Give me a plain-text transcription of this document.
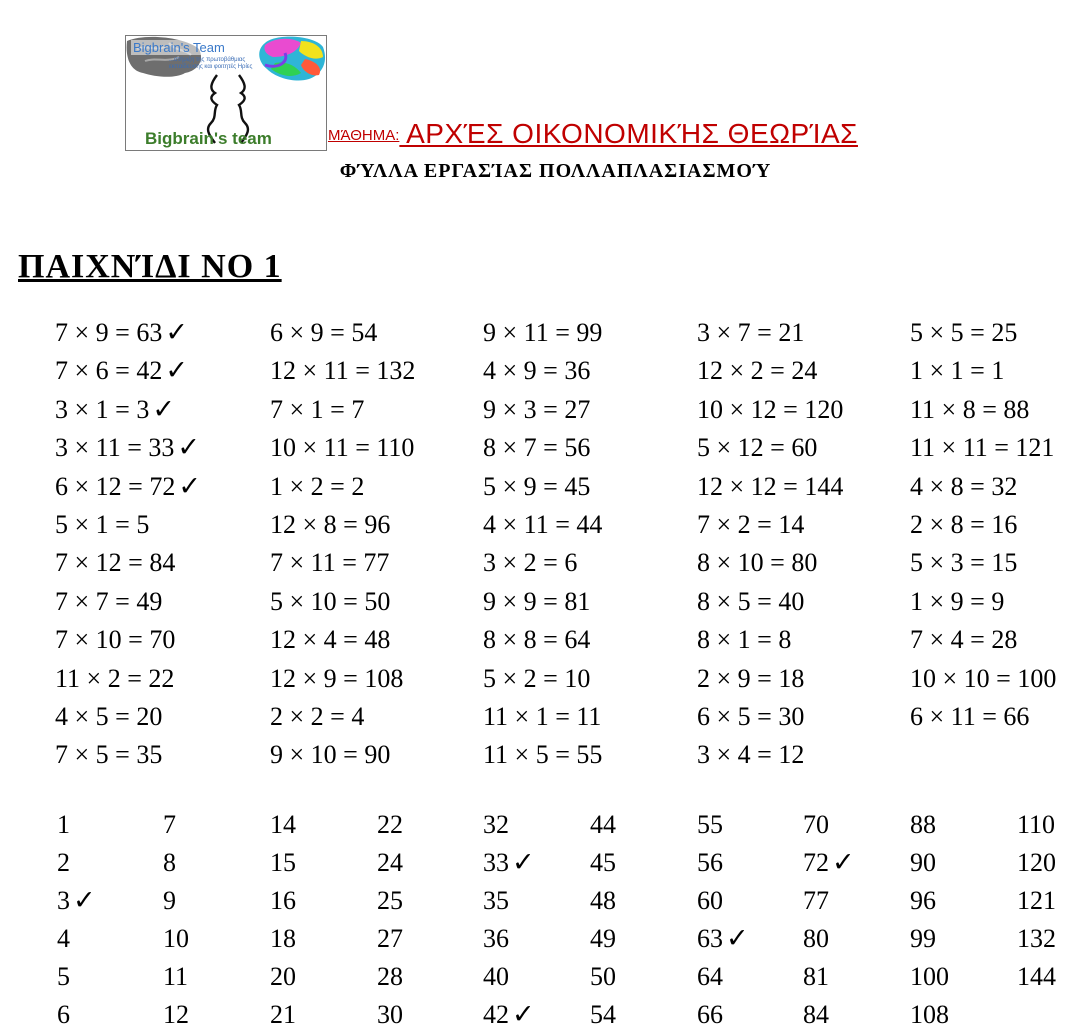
Bigbrain's Team
...στήριξη της πρωτοβάθμιας εκπαίδευσης και φοιτητές Ηρίες
Bigbrain's team	ΜΆΘΗΜΑ: ΑΡΧΈΣ ΟΙΚΟΝΟΜΙΚΉΣ ΘΕΩΡΊΑΣ
ΦΎΛΛΑ ΕΡΓΑΣΊΑΣ ΠΟΛΛΑΠΛΑΣΙΑΣΜΟΎ
ΠΑΙΧΝΊΔΙ ΝΟ 1
7 × 9 = 63 ✓
7 × 6 = 42 ✓
3 × 1 = 3 ✓
3 × 11 = 33 ✓
6 × 12 = 72 ✓
5 × 1 = 5
7 × 12 = 84
7 × 7 = 49
7 × 10 = 70
11 × 2 = 22
4 × 5 = 20
7 × 5 = 35
6 × 9 = 54
12 × 11 = 132
7 × 1 = 7
10 × 11 = 110
1 × 2 = 2
12 × 8 = 96
7 × 11 = 77
5 × 10 = 50
12 × 4 = 48
12 × 9 = 108
2 × 2 = 4
9 × 10 = 90
9 × 11 = 99
4 × 9 = 36
9 × 3 = 27
8 × 7 = 56
5 × 9 = 45
4 × 11 = 44
3 × 2 = 6
9 × 9 = 81
8 × 8 = 64
5 × 2 = 10
11 × 1 = 11
11 × 5 = 55
3 × 7 = 21
12 × 2 = 24
10 × 12 = 120
5 × 12 = 60
12 × 12 = 144
7 × 2 = 14
8 × 10 = 80
8 × 5 = 40
8 × 1 = 8
2 × 9 = 18
6 × 5 = 30
3 × 4 = 12
5 × 5 = 25
1 × 1 = 1
11 × 8 = 88
11 × 11 = 121
4 × 8 = 32
2 × 8 = 16
5 × 3 = 15
1 × 9 = 9
7 × 4 = 28
10 × 10 = 100
6 × 11 = 66
1
2
3 ✓
4
5
6
7
8
9
10
11
12
14
15
16
18
20
21
22
24
25
27
28
30
32
33 ✓
35
36
40
42 ✓
44
45
48
49
50
54
55
56
60
63 ✓
64
66
70
72 ✓
77
80
81
84
88
90
96
99
100
108
110
120
121
132
144
